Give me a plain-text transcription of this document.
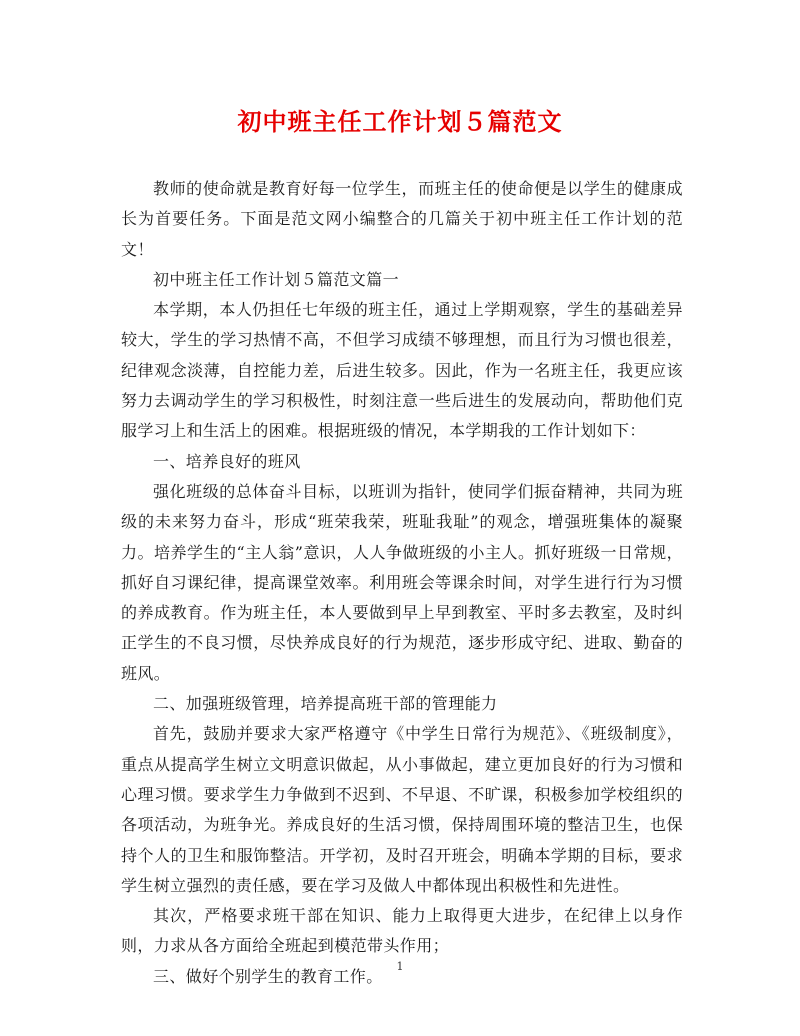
初中班主任工作计划５篇范文

教师的使命就是教育好每一位学生，而班主任的使命便是以学生的健康成长为首要任务。下面是范文网小编整合的几篇关于初中班主任工作计划的范文！

初中班主任工作计划５篇范文篇一

本学期，本人仍担任七年级的班主任，通过上学期观察，学生的基础差异较大，学生的学习热情不高，不但学习成绩不够理想，而且行为习惯也很差，纪律观念淡薄，自控能力差，后进生较多。因此，作为一名班主任，我更应该努力去调动学生的学习积极性，时刻注意一些后进生的发展动向，帮助他们克服学习上和生活上的困难。根据班级的情况，本学期我的工作计划如下：

一、培养良好的班风

强化班级的总体奋斗目标，以班训为指针，使同学们振奋精神，共同为班级的未来努力奋斗，形成“班荣我荣，班耻我耻”的观念，增强班集体的凝聚力。培养学生的“主人翁”意识，人人争做班级的小主人。抓好班级一日常规，抓好自习课纪律，提高课堂效率。利用班会等课余时间，对学生进行行为习惯的养成教育。作为班主任，本人要做到早上早到教室、平时多去教室，及时纠正学生的不良习惯，尽快养成良好的行为规范，逐步形成守纪、进取、勤奋的班风。

二、加强班级管理，培养提高班干部的管理能力

首先，鼓励并要求大家严格遵守《中学生日常行为规范》、《班级制度》，重点从提高学生树立文明意识做起，从小事做起，建立更加良好的行为习惯和心理习惯。要求学生力争做到不迟到、不早退、不旷课，积极参加学校组织的各项活动，为班争光。养成良好的生活习惯，保持周围环境的整洁卫生，也保持个人的卫生和服饰整洁。开学初，及时召开班会，明确本学期的目标，要求学生树立强烈的责任感，要在学习及做人中都体现出积极性和先进性。

其次，严格要求班干部在知识、能力上取得更大进步，在纪律上以身作则，力求从各方面给全班起到模范带头作用；

三、做好个别学生的教育工作。

1
